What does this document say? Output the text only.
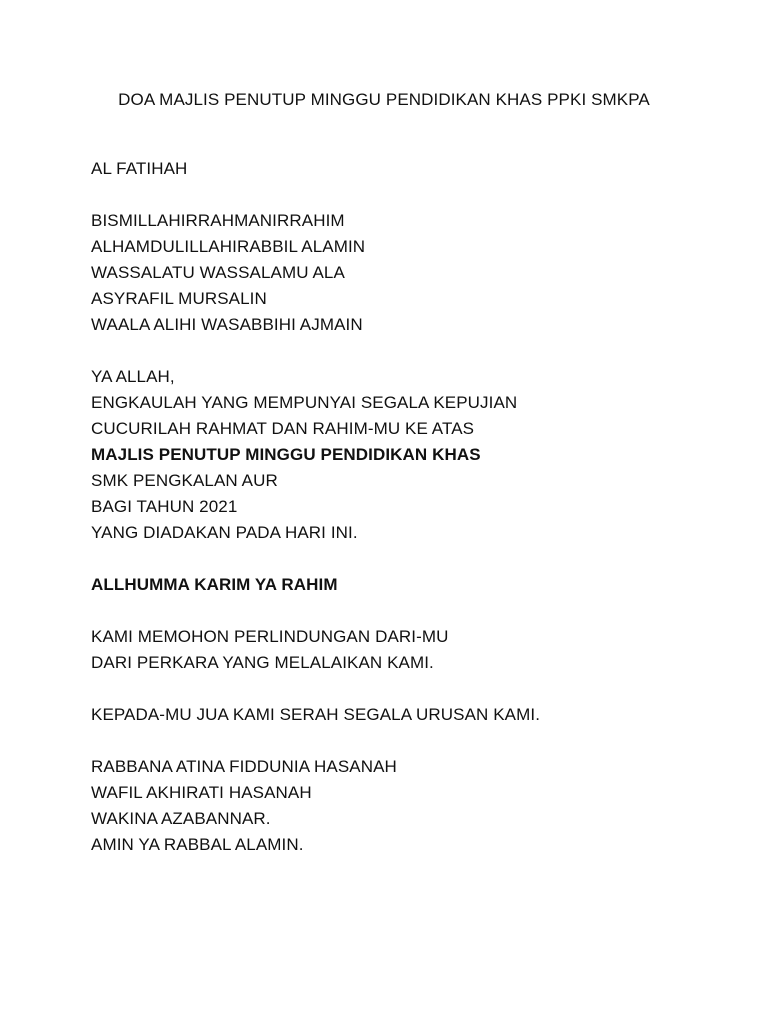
DOA MAJLIS PENUTUP MINGGU PENDIDIKAN KHAS PPKI SMKPA
AL FATIHAH
BISMILLAHIRRAHMANIRRAHIM
ALHAMDULILLAHIRABBIL ALAMIN
WASSALATU WASSALAMU ALA
ASYRAFIL MURSALIN
WAALA ALIHI WASABBIHI AJMAIN
YA ALLAH,
ENGKAULAH YANG MEMPUNYAI SEGALA KEPUJIAN
CUCURILAH RAHMAT DAN RAHIM-MU KE ATAS
MAJLIS PENUTUP MINGGU PENDIDIKAN KHAS
SMK PENGKALAN AUR
BAGI TAHUN 2021
YANG DIADAKAN PADA HARI INI.
ALLHUMMA KARIM YA RAHIM
KAMI MEMOHON PERLINDUNGAN DARI-MU
DARI PERKARA YANG MELALAIKAN KAMI.
KEPADA-MU JUA KAMI SERAH SEGALA URUSAN KAMI.
RABBANA ATINA FIDDUNIA HASANAH
WAFIL AKHIRATI HASANAH
WAKINA AZABANNAR.
AMIN YA RABBAL ALAMIN.
